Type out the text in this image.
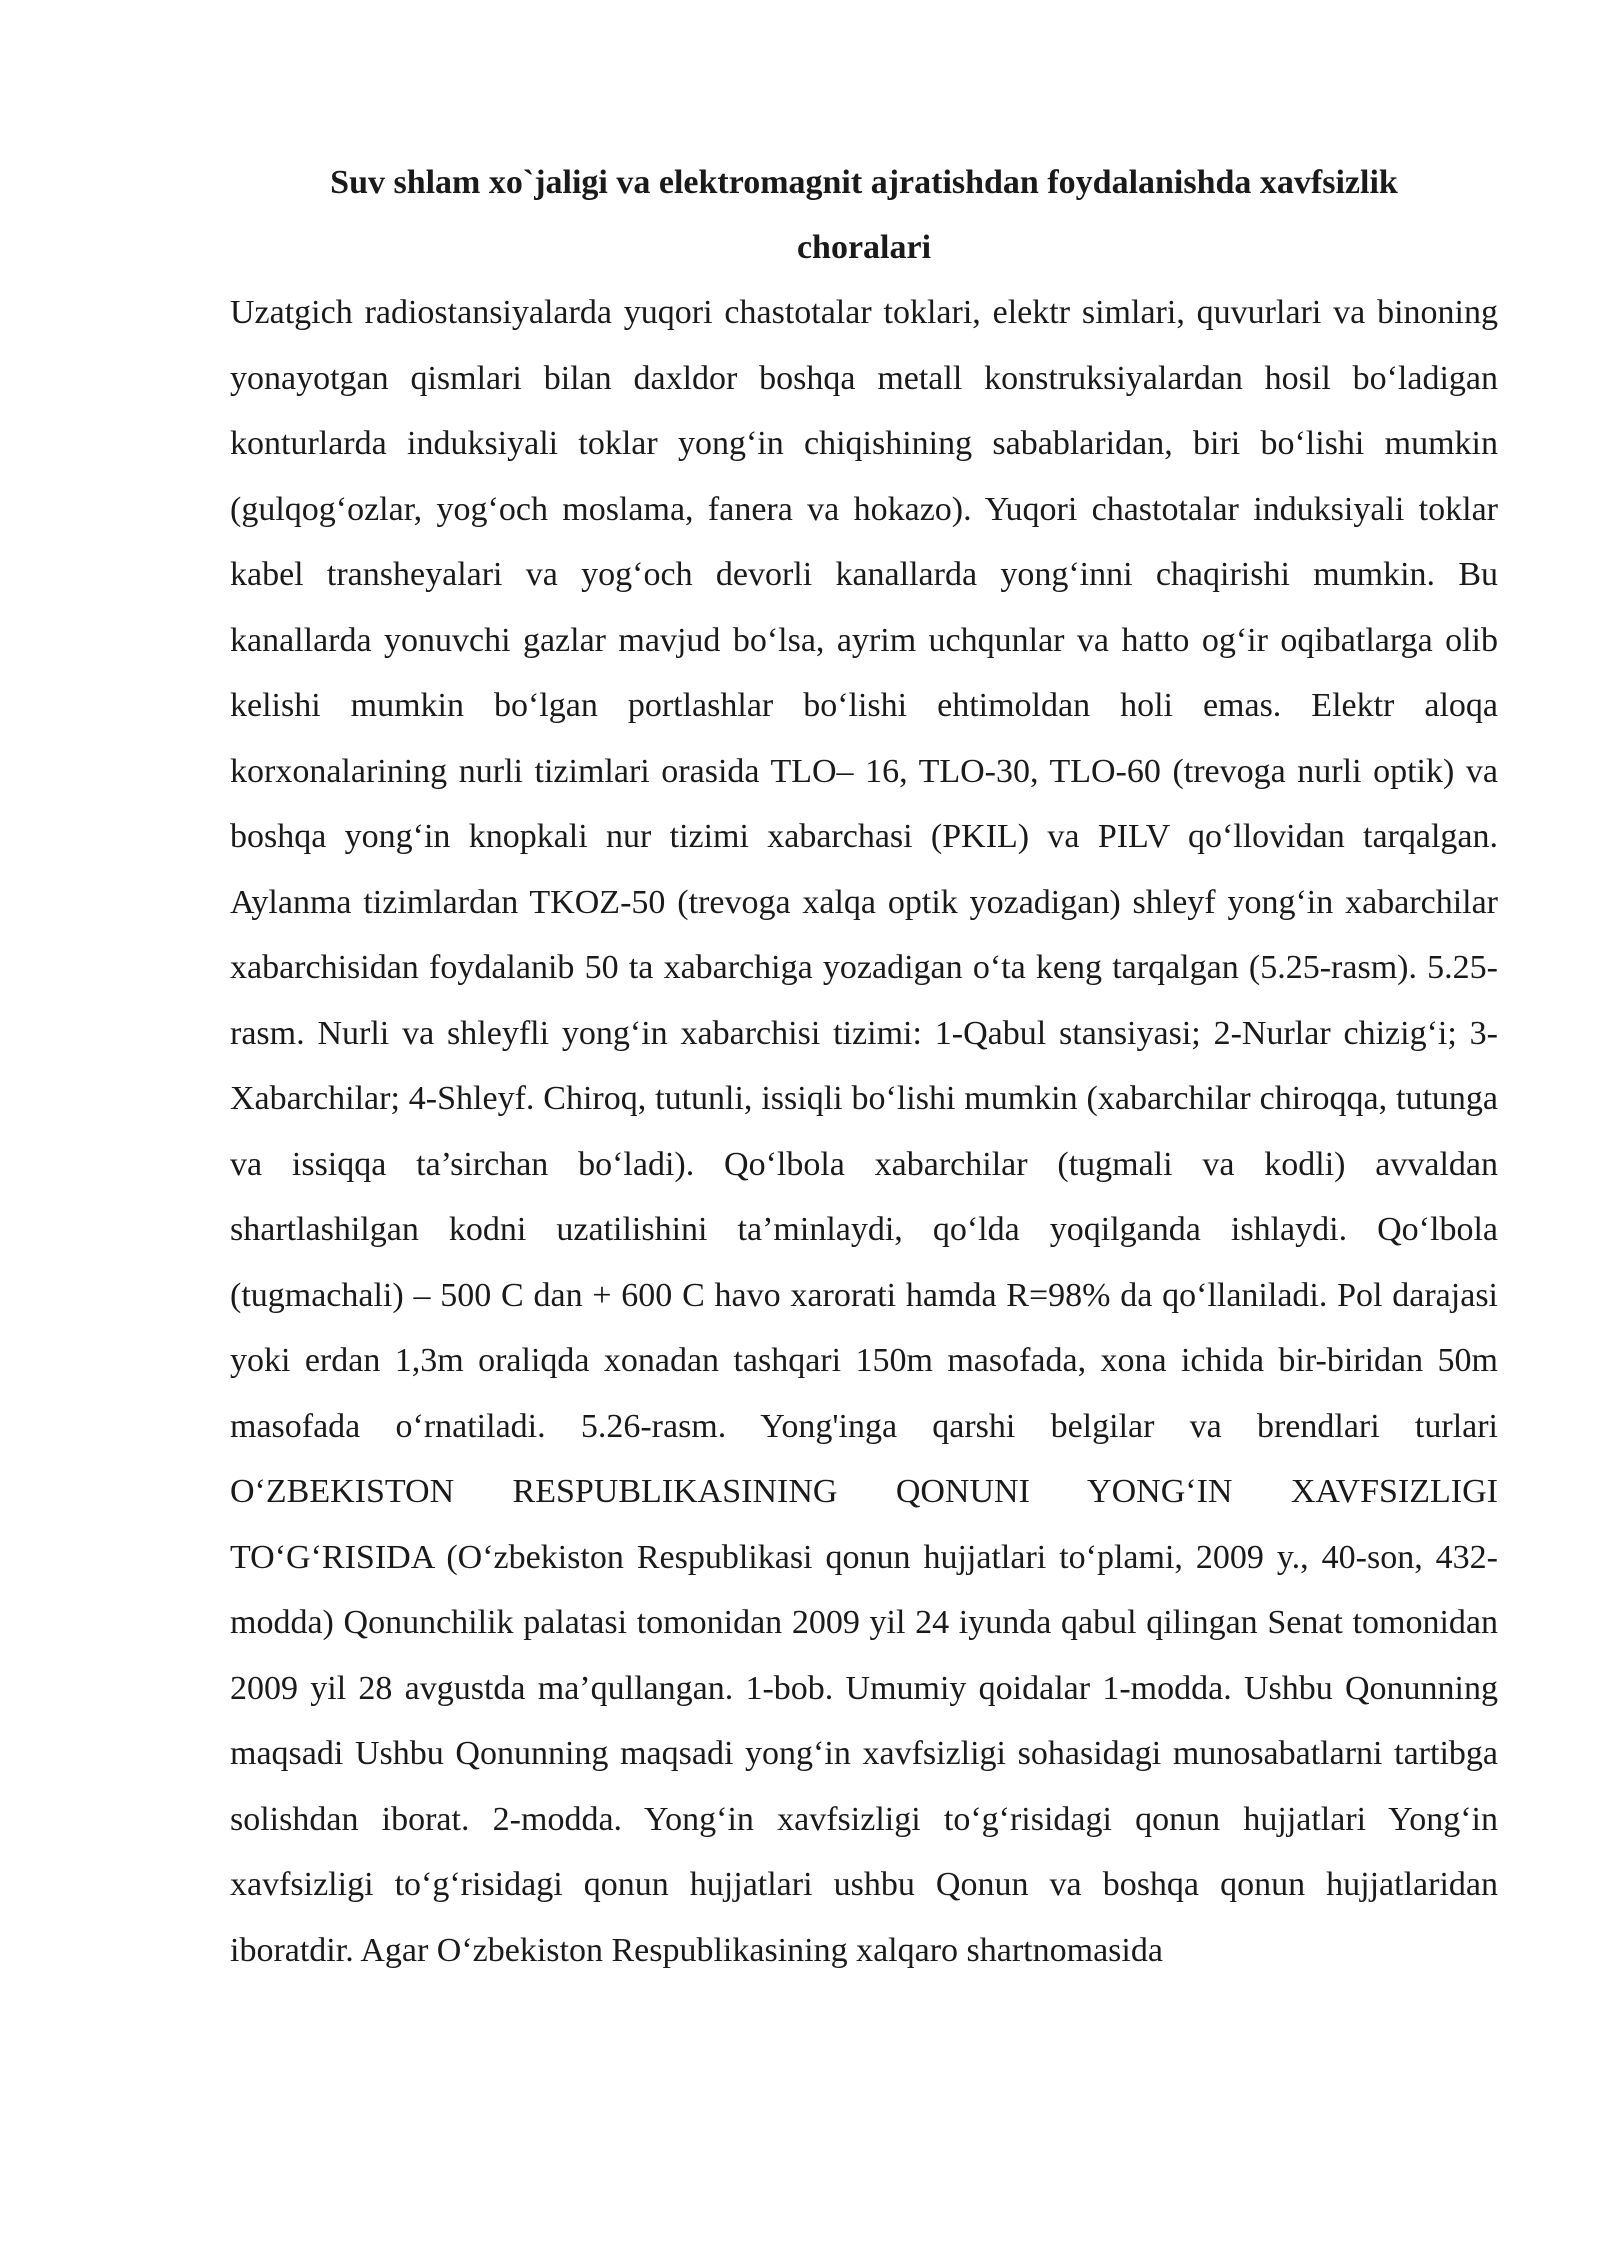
Suv shlam xo`jaligi va elektromagnit ajratishdan foydalanishda xavfsizlik
choralari

Uzatgich radiostansiyalarda yuqori chastotalar toklari, elektr simlari, quvurlari va binoning yonayotgan qismlari bilan daxldor boshqa metall konstruksiyalardan hosil bo‘ladigan konturlarda induksiyali toklar yong‘in chiqishining sabablaridan, biri bo‘lishi mumkin (gulqog‘ozlar, yog‘och moslama, fanera va hokazo). Yuqori chastotalar induksiyali toklar kabel transheyalari va yog‘och devorli kanallarda yong‘inni chaqirishi mumkin. Bu kanallarda yonuvchi gazlar mavjud bo‘lsa, ayrim uchqunlar va hatto og‘ir oqibatlarga olib kelishi mumkin bo‘lgan portlashlar bo‘lishi ehtimoldan holi emas. Elektr aloqa korxonalarining nurli tizimlari orasida TLO– 16, TLO-30, TLO-60 (trevoga nurli optik) va boshqa yong‘in knopkali nur tizimi xabarchasi (PKIL) va PILV qo‘llovidan tarqalgan. Aylanma tizimlardan TKOZ-50 (trevoga xalqa optik yozadigan) shleyf yong‘in xabarchilar xabarchisidan foydalanib 50 ta xabarchiga yozadigan o‘ta keng tarqalgan (5.25-rasm). 5.25-rasm. Nurli va shleyfli yong‘in xabarchisi tizimi: 1-Qabul stansiyasi; 2-Nurlar chizig‘i; 3-Xabarchilar; 4-Shleyf. Chiroq, tutunli, issiqli bo‘lishi mumkin (xabarchilar chiroqqa, tutunga va issiqqa ta’sirchan bo‘ladi). Qo‘lbola xabarchilar (tugmali va kodli) avvaldan shartlashilgan kodni uzatilishini ta’minlaydi, qo‘lda yoqilganda ishlaydi. Qo‘lbola (tugmachali) – 500 C dan + 600 C havo xarorati hamda R=98% da qo‘llaniladi. Pol darajasi yoki erdan 1,3m oraliqda xonadan tashqari 150m masofada, xona ichida bir-biridan 50m masofada o‘rnatiladi. 5.26-rasm. Yong'inga qarshi belgilar va brendlari turlari O‘ZBEKISTON RESPUBLIKASINING QONUNI YONG‘IN XAVFSIZLIGI TO‘G‘RISIDA (O‘zbekiston Respublikasi qonun hujjatlari to‘plami, 2009 y., 40-son, 432-modda) Qonunchilik palatasi tomonidan 2009 yil 24 iyunda qabul qilingan Senat tomonidan 2009 yil 28 avgustda ma’qullangan. 1-bob. Umumiy qoidalar 1-modda. Ushbu Qonunning maqsadi Ushbu Qonunning maqsadi yong‘in xavfsizligi sohasidagi munosabatlarni tartibga solishdan iborat. 2-modda. Yong‘in xavfsizligi to‘g‘risidagi qonun hujjatlari Yong‘in xavfsizligi to‘g‘risidagi qonun hujjatlari ushbu Qonun va boshqa qonun hujjatlaridan iboratdir. Agar O‘zbekiston Respublikasining xalqaro shartnomasida
